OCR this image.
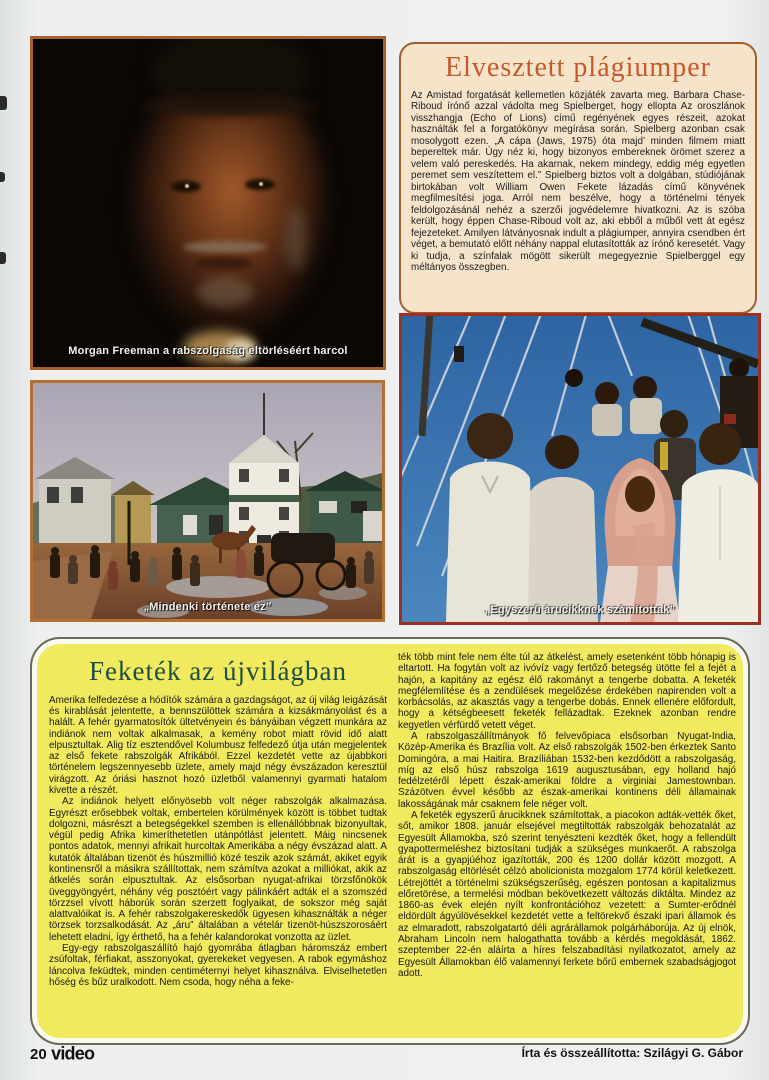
Morgan Freeman a rabszolgaság eltörléséért harcol
Elvesztett plágiumper

Az Amistad forgatását kellemetlen közjáték zavarta meg. Barbara Chase-Riboud írónő azzal vádolta meg Spielberget, hogy ellopta Az oroszlánok visszhangja (Echo of Lions) című regényének egyes részeit, azokat használták fel a forgatókönyv megírása során. Spielberg azonban csak mosolygott ezen. „A cápa (Jaws, 1975) óta majd’ minden filmem miatt bepereltek már. Úgy néz ki, hogy bizonyos embereknek örömet szerez a velem való pereskedés. Ha akarnak, nekem mindegy, eddig még egyetlen peremet sem veszítettem el.” Spielberg biztos volt a dolgában, stúdiójának birtokában volt William Owen Fekete lázadás című könyvének megfilmesítési joga. Arról nem beszélve, hogy a történelmi tények feldolgozásánál nehéz a szerzői jogvédelemre hivatkozni. Az is szóba került, hogy éppen Chase-Riboud volt az, aki ebből a műből vett át egész fejezeteket. Amilyen látványosnak indult a plágiumper, annyira csendben ért véget, a bemutató előtt néhány nappal elutasították az írónő keresetét. Vagy ki tudja, a színfalak mögött sikerült megegyeznie Spielberggel egy méltányos összegben.

„Mindenki története ez”	„Egyszerű árucikknek számítottak”
Feketék az újvilágban

Amerika felfedezése a hódítók számára a gazdagságot, az új világ leigázását és kirablását jelentette, a bennszülöttek számára a kizsákmányolást és a halált. A fehér gyarmatosítók ültetvényein és bányáiban végzett munkára az indiánok nem voltak alkalmasak, a kemény robot miatt rövid idő alatt elpusztultak. Alig tíz esztendővel Kolumbusz felfedező útja után megjelentek az első fekete rabszolgák Afrikából. Ezzel kezdetét vette az újabbkori történelem legszennyesebb üzlete, amely majd négy évszázadon keresztül virágzott. Az óriási hasznot hozó üzletből valamennyi gyarmati hatalom kivette a részét.

Az indiánok helyett előnyösebb volt néger rabszolgák alkalmazása. Egyrészt erősebbek voltak, embertelen körülmények között is többet tudtak dolgozni, másrészt a betegségekkel szemben is ellenállóbbnak bizonyultak, végül pedig Afrika kimeríthetetlen utánpótlást jelentett. Máig nincsenek pontos adatok, mennyi afrikait hurcoltak Amerikába a négy évszázad alatt. A kutatók általában tizenöt és húszmillió közé teszik azok számát, akiket egyik kontinensről a másikra szállítottak, nem számítva azokat a milliókat, akik az átkelés során elpusztultak. Az elsősorban nyugat-afrikai törzsfőnökök üveggyöngyért, néhány vég posztóért vagy pálinkáért adták el a szomszéd törzzsel vívott háborúk során szerzett foglyaikat, de sokszor még saját alattvalóikat is. A fehér rabszolgakereskedők ügyesen kihasználták a néger törzsek torzsalkodását. Az „áru” általában a vételár tizenöt-húszszorosáért lehetett eladni, így érthető, ha a fehér kalandorokat vonzotta az üzlet.

Egy-egy rabszolgaszállító hajó gyomrába átlagban háromszáz embert zsúfoltak, férfiakat, asszonyokat, gyerekeket vegyesen. A rabok egymáshoz láncolva feküdtek, minden centiméternyi helyet kihasználva. Elviselhetetlen hőség és bűz uralkodott. Nem csoda, hogy néha a feke-

ték több mint fele nem élte túl az átkelést, amely esetenként több hónapig is eltartott. Ha fogytán volt az ivóvíz vagy fertőző betegség ütötte fel a fejét a hajón, a kapitány az egész élő rakományt a tengerbe dobatta. A feketék megfélemlítése és a zendülések megelőzése érdekében napirenden volt a korbácsolás, az akasztás vagy a tengerbe dobás. Ennek ellenére előfordult, hogy a kétségbeesett feketék fellázadtak. Ezeknek azonban rendre kegyetlen vérfürdő vetett véget.

A rabszolgaszállítmányok fő felvevőpiaca elsősorban Nyugat-India, Közép-Amerika és Brazília volt. Az első rabszolgák 1502-ben érkeztek Santo Domingóra, a mai Haitira. Brazíliában 1532-ben kezdődött a rabszolgaság, míg az első húsz rabszolga 1619 augusztusában, egy holland hajó fedélzetéről lépett észak-amerikai földre a virginiai Jamestownban. Százötven évvel később az észak-amerikai kontinens déli államainak lakosságának már csaknem fele néger volt.

A feketék egyszerű árucikknek számítottak, a piacokon adták-vették őket, sőt, amikor 1808. január elsejével megtiltották rabszolgák behozatalát az Egyesült Államokba, szó szerint tenyészteni kezdték őket, hogy a fellendült gyapottermeléshez biztosítani tudják a szükséges munkaerőt. A rabszolga árát is a gyapjúéhoz igazították, 200 és 1200 dollár között mozgott. A rabszolgaság eltörlését célzó abolicionista mozgalom 1774 körül keletkezett. Létrejöttét a történelmi szükségszerűség, egészen pontosan a kapitalizmus előretörése, a termelési módban bekövetkezett változás diktálta. Mindez az 1860-as évek elején nyílt konfrontációhoz vezetett: a Sumter-erődnél eldördült ágyúlövésekkel kezdetét vette a feltörekvő északi ipari államok és az elmaradott, rabszolgatartó déli agrárállamok polgárháborúja. Az új elnök, Abraham Lincoln nem halogathatta tovább a kérdés megoldását, 1862. szeptember 22-én aláírta a híres felszabadítási nyilatkozatot, amely az Egyesült Államokban élő valamennyi ferkete bőrű embernek szabadságjogot adott.

20 video	Írta és összeállította: Szilágyi G. Gábor
